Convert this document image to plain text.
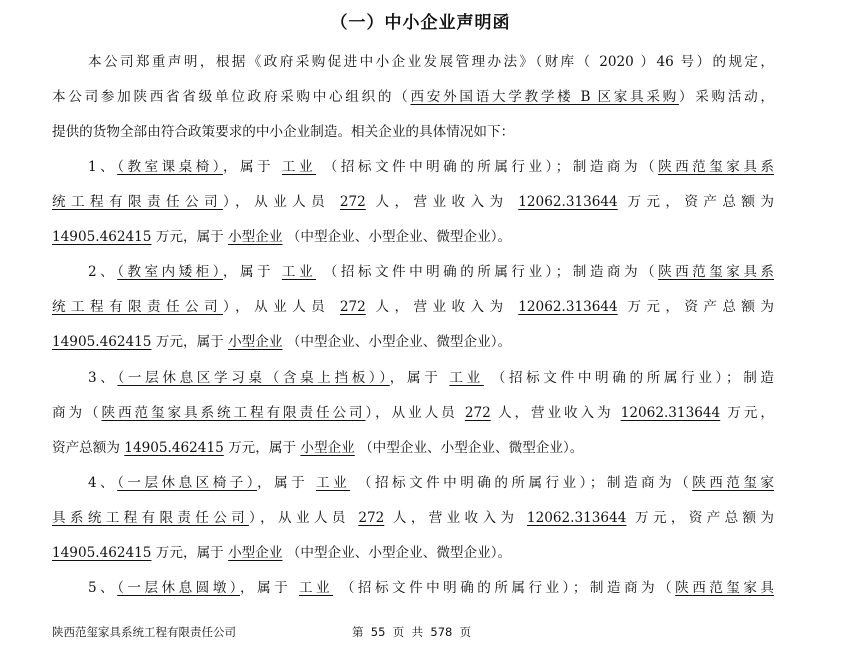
（一）中小企业声明函
本公司郑重声明，根据《政府采购促进中小企业发展管理办法》（财库（ 2020 ）46 号）的规定，
本公司参加陕西省省级单位政府采购中心组织的（西安外国语大学教学楼 B 区家具采购）采购活动，
提供的货物全部由符合政策要求的中小企业制造。相关企业的具体情况如下：
1、（教室课桌椅），属于 工业 （招标文件中明确的所属行业）；制造商为（陕西范玺家具系
统工程有限责任公司），从业人员 272 人，营业收入为 12062.313644 万元，资产总额为
14905.462415 万元，属于 小型企业 （中型企业、小型企业、微型企业）。
2、（教室内矮柜），属于 工业 （招标文件中明确的所属行业）；制造商为（陕西范玺家具系
统工程有限责任公司），从业人员 272 人，营业收入为 12062.313644 万元，资产总额为
14905.462415 万元，属于 小型企业 （中型企业、小型企业、微型企业）。
3、（一层休息区学习桌（含桌上挡板）），属于 工业 （招标文件中明确的所属行业）；制造
商为（陕西范玺家具系统工程有限责任公司），从业人员 272 人，营业收入为 12062.313644 万元，
资产总额为 14905.462415 万元，属于 小型企业 （中型企业、小型企业、微型企业）。
4、（一层休息区椅子），属于 工业 （招标文件中明确的所属行业）；制造商为（陕西范玺家
具系统工程有限责任公司），从业人员 272 人，营业收入为 12062.313644 万元，资产总额为
14905.462415 万元，属于 小型企业 （中型企业、小型企业、微型企业）。
5、（一层休息圆墩），属于 工业 （招标文件中明确的所属行业）；制造商为（陕西范玺家具
陕西范玺家具系统工程有限责任公司	第  55  页  共  578  页
